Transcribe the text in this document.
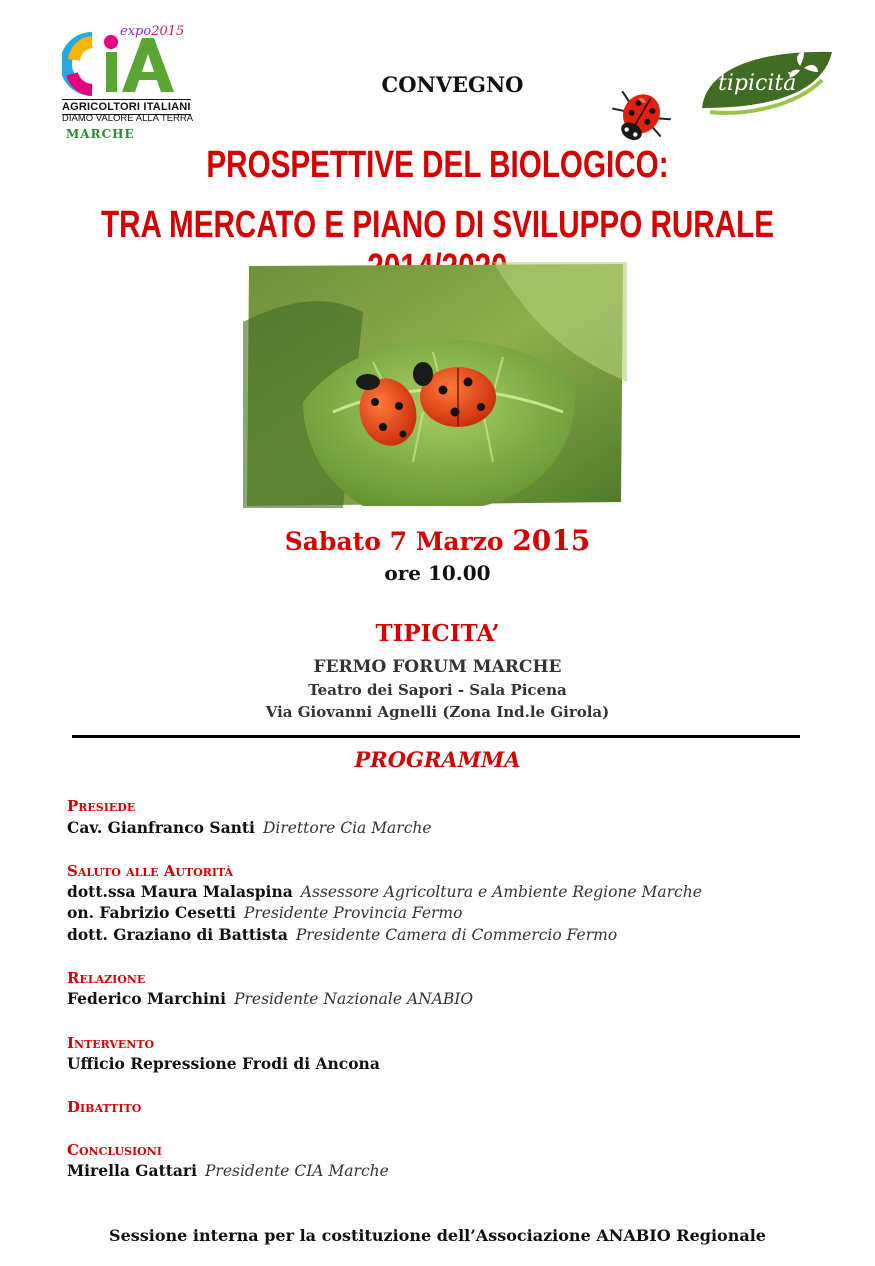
expo2015
AGRICOLTORI ITALIANI
DIAMO VALORE ALLA TERRA
MARCHE
CONVEGNO	tipicità
PROSPETTIVE DEL BIOLOGICO:
TRA MERCATO E PIANO DI SVILUPPO RURALE
Sabato 7 Marzo 2015
ore 10.00
TIPICITA’
FERMO FORUM MARCHE
Teatro dei Sapori - Sala Picena
Via Giovanni Agnelli (Zona Ind.le Girola)
PROGRAMMA
Presiede
Cav. Gianfranco Santi Direttore Cia Marche
Saluto alle Autorità
dott.ssa Maura Malaspina Assessore Agricoltura e Ambiente Regione Marche
on. Fabrizio Cesetti Presidente Provincia Fermo
dott. Graziano di Battista Presidente Camera di Commercio Fermo
Relazione
Federico Marchini Presidente Nazionale ANABIO
Intervento
Ufficio Repressione Frodi di Ancona
Dibattito
Conclusioni
Mirella Gattari Presidente CIA Marche
Sessione interna per la costituzione dell’Associazione ANABIO Regionale
